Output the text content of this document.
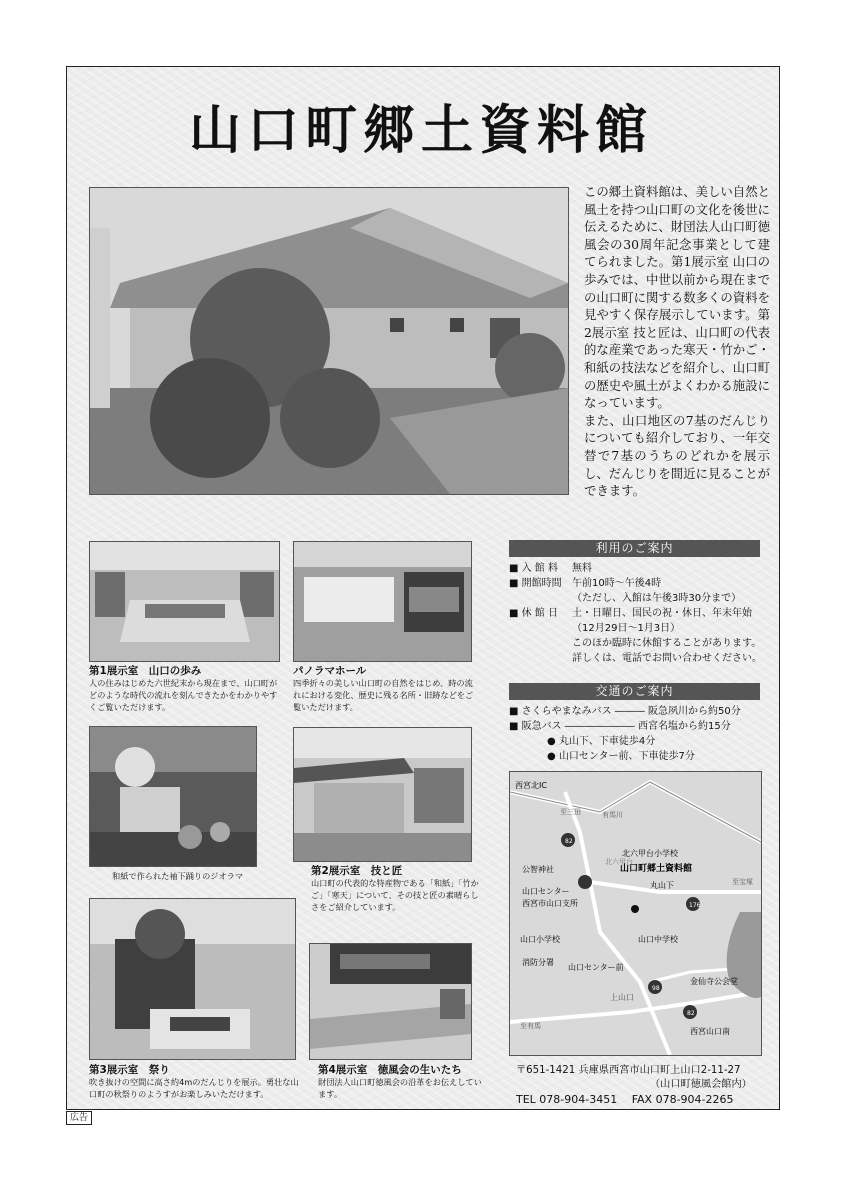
山口町郷土資料館

この郷土資料館は、美しい自然と風土を持つ山口町の文化を後世に伝えるために、財団法人山口町徳風会の30周年記念事業として建てられました。第1展示室 山口の歩みでは、中世以前から現在までの山口町に関する数多くの資料を見やすく保存展示しています。第2展示室 技と匠は、山口町の代表的な産業であった寒天・竹かご・和紙の技法などを紹介し、山口町の歴史や風土がよくわかる施設になっています。

また、山口地区の7基のだんじりについても紹介しており、一年交替で7基のうちのどれかを展示し、だんじりを間近に見ることができます。

第1展示室　山口の歩み
人の住みはじめた六世紀末から現在まで、山口町がどのような時代の流れを刻んできたかをわかりやすくご覧いただけます。
パノラマホール
四季折々の美しい山口町の自然をはじめ、時の流れにおける変化、歴史に残る名所・旧跡などをご覧いただけます。
和紙で作られた袖下踊りのジオラマ	第2展示室　技と匠
山口町の代表的な特産物である「和紙」「竹かご」「寒天」について、その技と匠の素晴らしさをご紹介しています。
第3展示室　祭り
吹き抜けの空間に高さ約4mのだんじりを展示。勇壮な山口町の秋祭りのようすがお楽しみいただけます。
第4展示室　徳風会の生いたち
財団法人山口町徳風会の沿革をお伝えしています。
利用のご案内
■ 入 館 料 無料
■ 開館時間 午前10時〜午後4時
（ただし、入館は午後3時30分まで）
■ 休 館 日 土・日曜日、国民の祝・休日、年末年始
（12月29日〜1月3日）
このほか臨時に休館することがあります。
詳しくは、電話でお問い合わせください。
交通のご案内
■ さくらやまなみバス ――― 阪急夙川から約50分
■ 阪急バス ――――――― 西宮名塩から約15分
● 丸山下、下車徒歩4分
● 山口センター前、下車徒歩7分
西宮北IC
北六甲台小学校
公智神社	山口町郷土資料館
丸山下
山口センター
西宮市山口支所
山口中学校
山口小学校
消防分署
山口センター前
金仙寺公会堂
西宮山口南
北六甲台
有馬川
至三田
至宝塚
上山口
至有馬
82
176
98
82
〒651-1421 兵庫県西宮市山口町上山口2-11-27
（山口町徳風会館内）
TEL 078-904-3451　 FAX 078-904-2265
広告
